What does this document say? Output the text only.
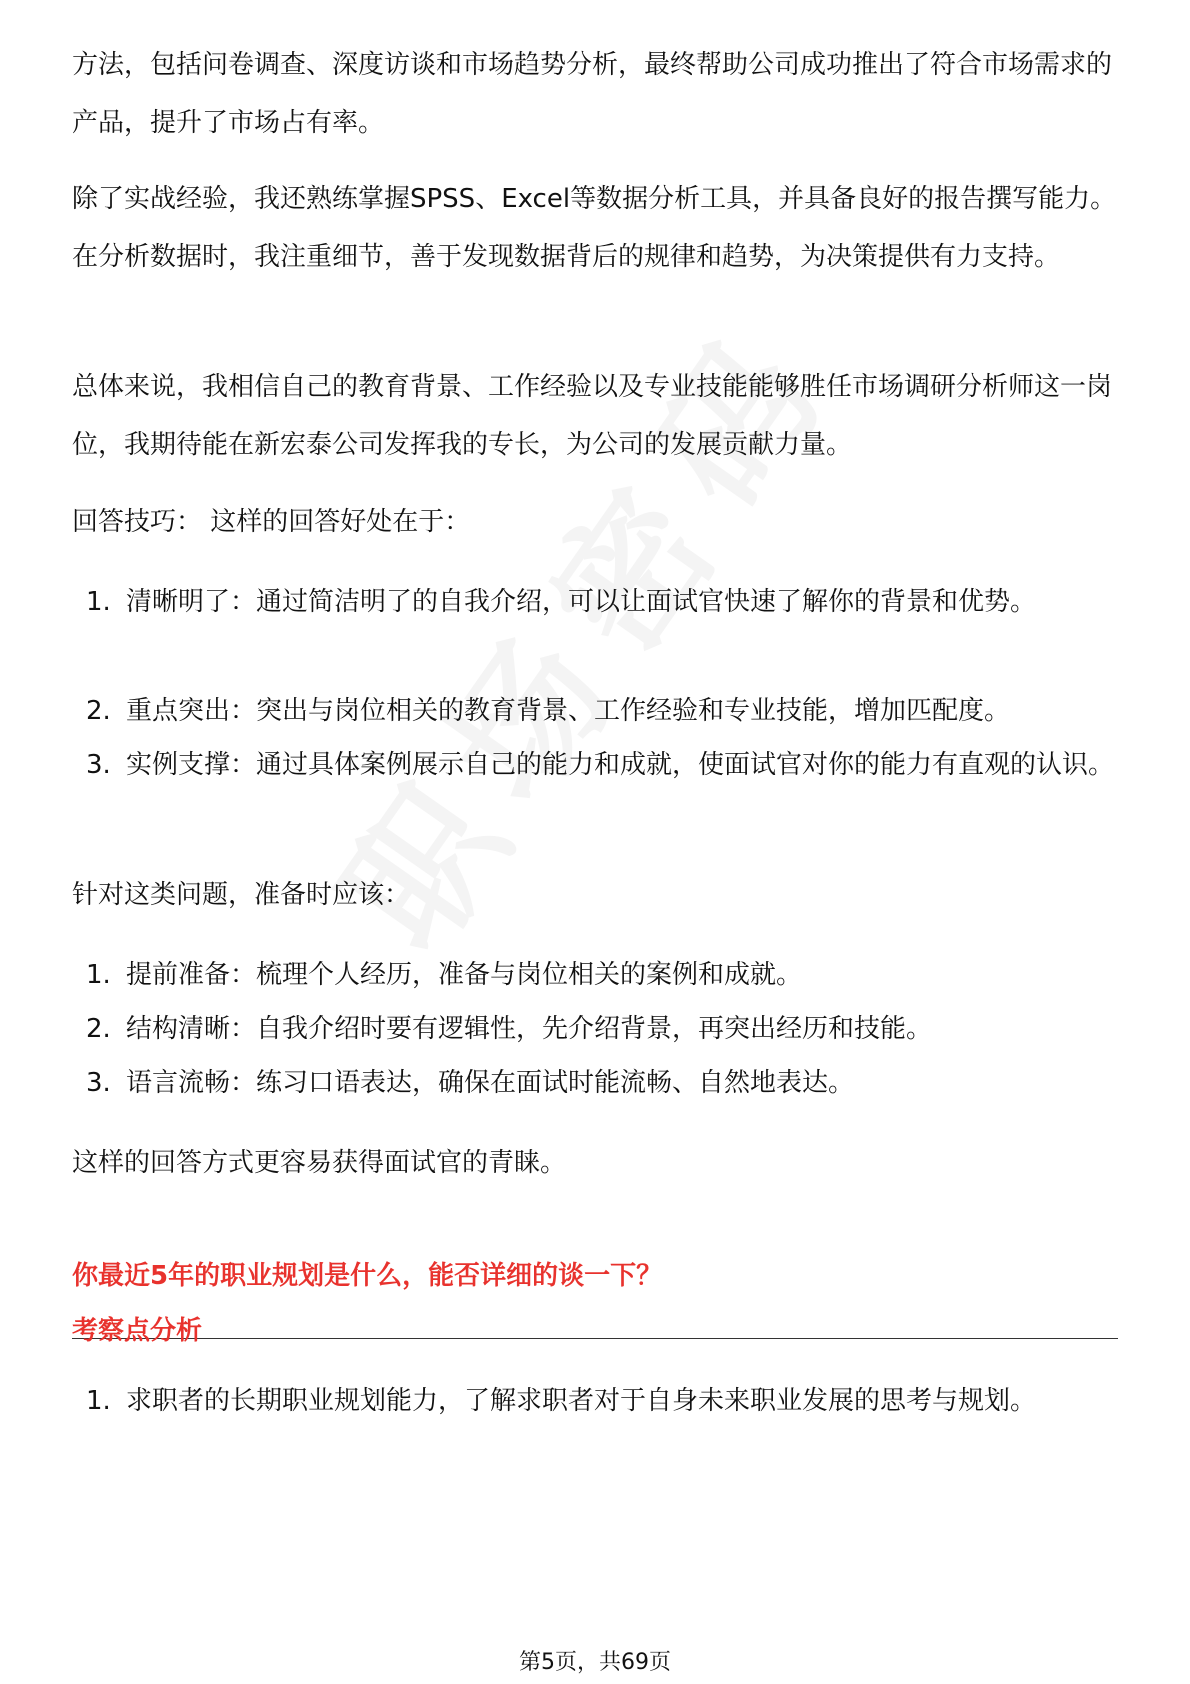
方法，包括问卷调查、深度访谈和市场趋势分析，最终帮助公司成功推出了符合市场需求的产品，提升了市场占有率。

除了实战经验，我还熟练掌握SPSS、Excel等数据分析工具，并具备良好的报告撰写能力。在分析数据时，我注重细节，善于发现数据背后的规律和趋势，为决策提供有力支持。

总体来说，我相信自己的教育背景、工作经验以及专业技能能够胜任市场调研分析师这一岗位，我期待能在新宏泰公司发挥我的专长，为公司的发展贡献力量。

回答技巧： 这样的回答好处在于：

1. 清晰明了：通过简洁明了的自我介绍，可以让面试官快速了解你的背景和优势。
2. 重点突出：突出与岗位相关的教育背景、工作经验和专业技能，增加匹配度。
3. 实例支撑：通过具体案例展示自己的能力和成就，使面试官对你的能力有直观的认识。

针对这类问题，准备时应该：

1. 提前准备：梳理个人经历，准备与岗位相关的案例和成就。
2. 结构清晰：自我介绍时要有逻辑性，先介绍背景，再突出经历和技能。
3. 语言流畅：练习口语表达，确保在面试时能流畅、自然地表达。

这样的回答方式更容易获得面试官的青睐。

你最近5年的职业规划是什么，能否详细的谈一下？

考察点分析

1. 求职者的长期职业规划能力，了解求职者对于自身未来职业发展的思考与规划。
第5页，共69页
